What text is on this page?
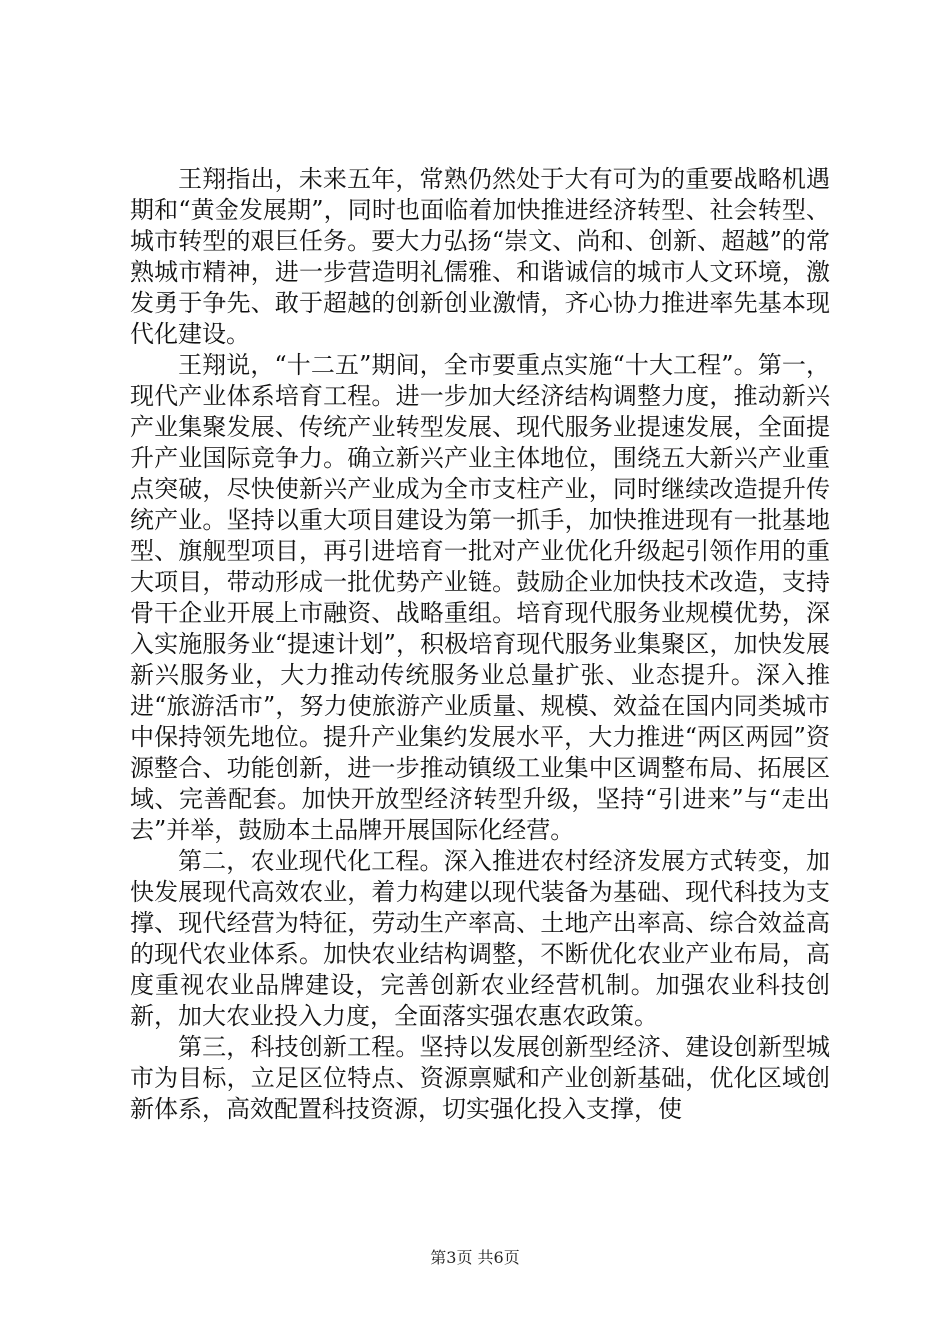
王翔指出，未来五年，常熟仍然处于大有可为的重要战略机遇期和“黄金发展期”，同时也面临着加快推进经济转型、社会转型、城市转型的艰巨任务。要大力弘扬“崇文、尚和、创新、超越”的常熟城市精神，进一步营造明礼儒雅、和谐诚信的城市人文环境，激发勇于争先、敢于超越的创新创业激情，齐心协力推进率先基本现代化建设。

王翔说，“十二五”期间，全市要重点实施“十大工程”。第一，现代产业体系培育工程。进一步加大经济结构调整力度，推动新兴产业集聚发展、传统产业转型发展、现代服务业提速发展，全面提升产业国际竞争力。确立新兴产业主体地位，围绕五大新兴产业重点突破，尽快使新兴产业成为全市支柱产业，同时继续改造提升传统产业。坚持以重大项目建设为第一抓手，加快推进现有一批基地型、旗舰型项目，再引进培育一批对产业优化升级起引领作用的重大项目，带动形成一批优势产业链。鼓励企业加快技术改造，支持骨干企业开展上市融资、战略重组。培育现代服务业规模优势，深入实施服务业“提速计划”，积极培育现代服务业集聚区，加快发展新兴服务业，大力推动传统服务业总量扩张、业态提升。深入推进“旅游活市”，努力使旅游产业质量、规模、效益在国内同类城市中保持领先地位。提升产业集约发展水平，大力推进“两区两园”资源整合、功能创新，进一步推动镇级工业集中区调整布局、拓展区域、完善配套。加快开放型经济转型升级，坚持“引进来”与“走出去”并举，鼓励本土品牌开展国际化经营。

第二，农业现代化工程。深入推进农村经济发展方式转变，加快发展现代高效农业，着力构建以现代装备为基础、现代科技为支撑、现代经营为特征，劳动生产率高、土地产出率高、综合效益高的现代农业体系。加快农业结构调整，不断优化农业产业布局，高度重视农业品牌建设，完善创新农业经营机制。加强农业科技创新，加大农业投入力度，全面落实强农惠农政策。

第三，科技创新工程。坚持以发展创新型经济、建设创新型城市为目标，立足区位特点、资源禀赋和产业创新基础，优化区域创新体系，高效配置科技资源，切实强化投入支撑，使

第3页 共6页
